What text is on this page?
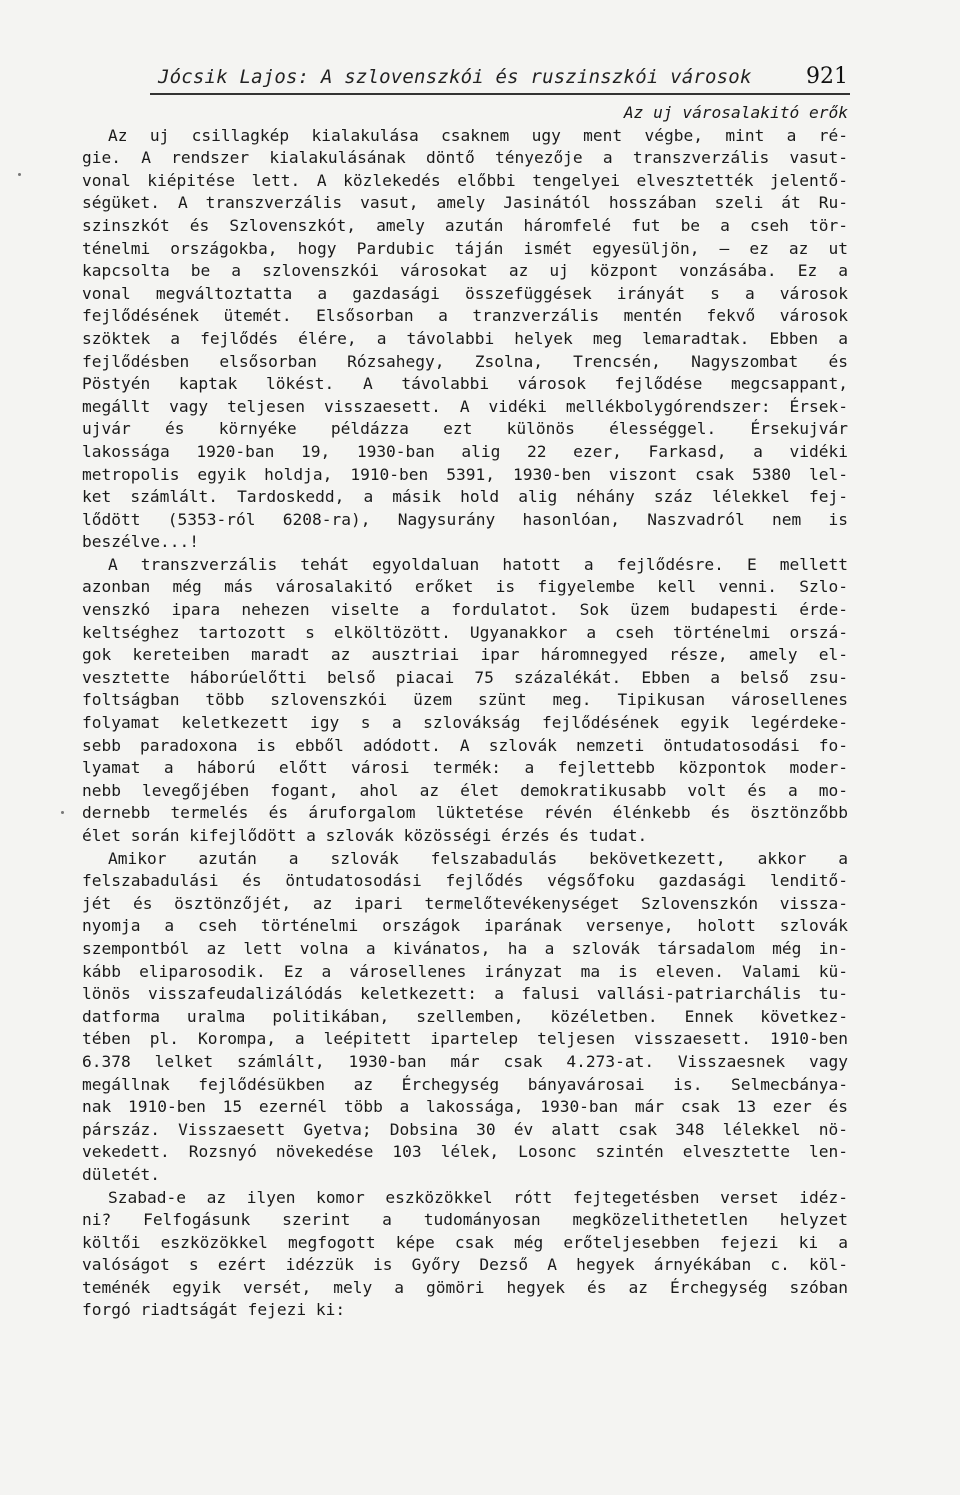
Jócsik Lajos: A szlovenszkói és ruszinszkói városok 921
Az uj városalakitó erők
Az uj csillagkép kialakulása csaknem ugy ment végbe, mint a ré-
gie. A rendszer kialakulásának döntő tényezője a transzverzális vasut-
vonal kiépitése lett. A közlekedés előbbi tengelyei elvesztették jelentő-
ségüket. A transzverzális vasut, amely Jasinától hosszában szeli át Ru-
szinszkót és Szlovenszkót, amely azután háromfelé fut be a cseh tör-
ténelmi országokba, hogy Pardubic táján ismét egyesüljön, — ez az ut
kapcsolta be a szlovenszkói városokat az uj központ vonzásába. Ez a
vonal megváltoztatta a gazdasági összefüggések irányát s a városok
fejlődésének ütemét. Elsősorban a tranzverzális mentén fekvő városok
szöktek a fejlődés élére, a távolabbi helyek meg lemaradtak. Ebben a
fejlődésben elsősorban Rózsahegy, Zsolna, Trencsén, Nagyszombat és
Pöstyén kaptak lökést. A távolabbi városok fejlődése megcsappant,
megállt vagy teljesen visszaesett. A vidéki mellékbolygórendszer: Érsek-
ujvár és környéke példázza ezt különös élességgel. Érsekujvár
lakossága 1920-ban 19, 1930-ban alig 22 ezer, Farkasd, a vidéki
metropolis egyik holdja, 1910-ben 5391, 1930-ben viszont csak 5380 lel-
ket számlált. Tardoskedd, a másik hold alig néhány száz lélekkel fej-
lődött (5353-ról 6208-ra), Nagysurány hasonlóan, Naszvadról nem is
beszélve...!
A transzverzális tehát egyoldaluan hatott a fejlődésre. E mellett
azonban még más városalakitó erőket is figyelembe kell venni. Szlo-
venszkó ipara nehezen viselte a fordulatot. Sok üzem budapesti érde-
keltséghez tartozott s elköltözött. Ugyanakkor a cseh történelmi orszá-
gok kereteiben maradt az ausztriai ipar háromnegyed része, amely el-
vesztette háborúelőtti belső piacai 75 százalékát. Ebben a belső zsu-
foltságban több szlovenszkói üzem szünt meg. Tipikusan városellenes
folyamat keletkezett igy s a szlovákság fejlődésének egyik legérdeke-
sebb paradoxona is ebből adódott. A szlovák nemzeti öntudatosodási fo-
lyamat a háború előtt városi termék: a fejlettebb központok moder-
nebb levegőjében fogant, ahol az élet demokratikusabb volt és a mo-
dernebb termelés és áruforgalom lüktetése révén élénkebb és ösztönzőbb
élet során kifejlődött a szlovák közösségi érzés és tudat.
Amikor azután a szlovák felszabadulás bekövetkezett, akkor a
felszabadulási és öntudatosodási fejlődés végsőfoku gazdasági lenditő-
jét és ösztönzőjét, az ipari termelőtevékenységet Szlovenszkón vissza-
nyomja a cseh történelmi országok iparának versenye, holott szlovák
szempontból az lett volna a kivánatos, ha a szlovák társadalom még in-
kább eliparosodik. Ez a városellenes irányzat ma is eleven. Valami kü-
lönös visszafeudalizálódás keletkezett: a falusi vallási-patriarchális tu-
datforma uralma politikában, szellemben, közéletben. Ennek következ-
tében pl. Korompa, a leépitett ipartelep teljesen visszaesett. 1910-ben
6.378 lelket számlált, 1930-ban már csak 4.273-at. Visszaesnek vagy
megállnak fejlődésükben az Érchegység bányavárosai is. Selmecbánya-
nak 1910-ben 15 ezernél több a lakossága, 1930-ban már csak 13 ezer és
párszáz. Visszaesett Gyetva; Dobsina 30 év alatt csak 348 lélekkel nö-
vekedett. Rozsnyó növekedése 103 lélek, Losonc szintén elvesztette len-
dületét.
Szabad-e az ilyen komor eszközökkel rótt fejtegetésben verset idéz-
ni? Felfogásunk szerint a tudományosan megközelithetetlen helyzet
költői eszközökkel megfogott képe csak még erőteljesebben fejezi ki a
valóságot s ezért idézzük is Győry Dezső A hegyek árnyékában c. köl-
teménék egyik versét, mely a gömöri hegyek és az Érchegység szóban
forgó riadtságát fejezi ki:
